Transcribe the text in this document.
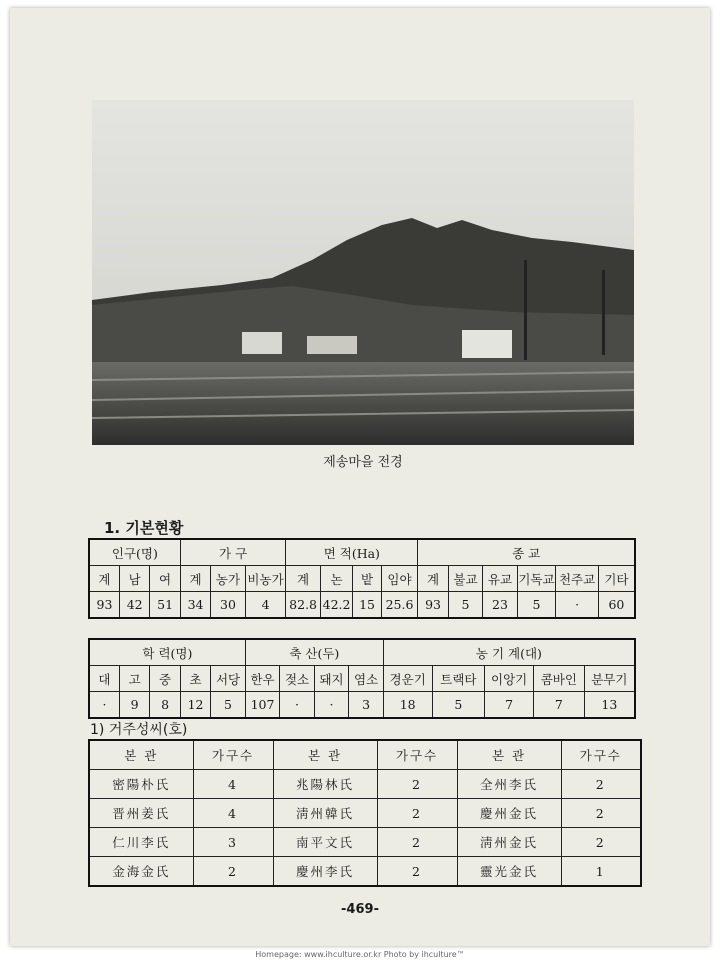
제송마을 전경
1. 기본현황
인구(명)			가 구			면 적(Ha)				종 교					
계	남	여	계	농가	비농가	계	논	밭	임야	계	불교	유교	기독교	천주교	기타
93	42	51	34	30	4	82.8	42.2	15	25.6	93	5	23	5	·	60
학 력(명)					축 산(두)				농 기 계(대)				
대	고	중	초	서당	한우	젖소	돼지	염소	경운기	트랙타	이앙기	콤바인	분무기
·	9	8	12	5	107	·	·	3	18	5	7	7	13
1) 거주성씨(호)
본 관	가구수	본 관	가구수	본 관	가구수
密陽朴氏	4	兆陽林氏	2	全州李氏	2
晋州姜氏	4	淸州韓氏	2	慶州金氏	2
仁川李氏	3	南平文氏	2	淸州金氏	2
金海金氏	2	慶州李氏	2	靈光金氏	1
-469-
Homepage: www.ihculture.or.kr Photo by ihculture™
